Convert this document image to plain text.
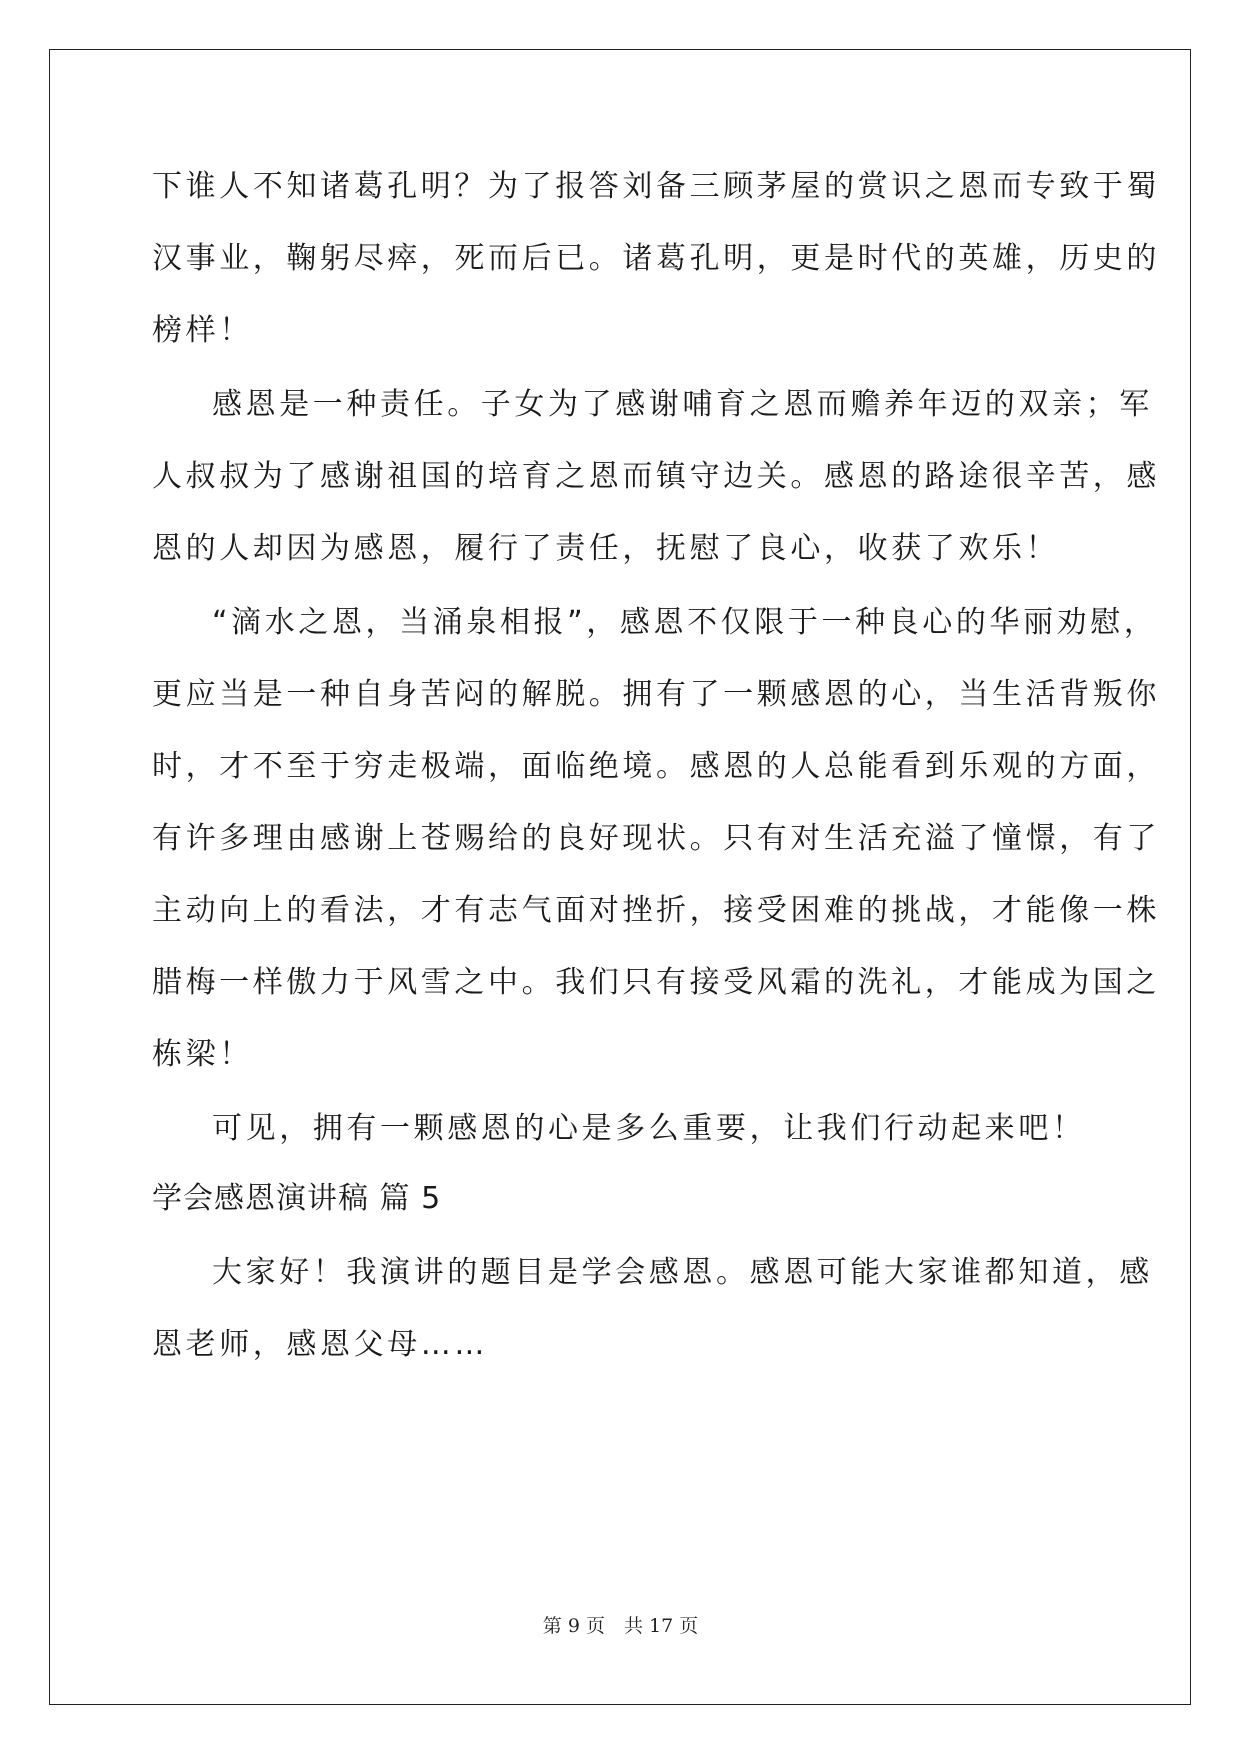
下谁人不知诸葛孔明？为了报答刘备三顾茅屋的赏识之恩而专致于蜀
汉事业，鞠躬尽瘁，死而后已。诸葛孔明，更是时代的英雄，历史的
榜样！
感恩是一种责任。子女为了感谢哺育之恩而赡养年迈的双亲；军
人叔叔为了感谢祖国的培育之恩而镇守边关。感恩的路途很辛苦，感
恩的人却因为感恩，履行了责任，抚慰了良心，收获了欢乐！
“滴水之恩，当涌泉相报”，感恩不仅限于一种良心的华丽劝慰，
更应当是一种自身苦闷的解脱。拥有了一颗感恩的心，当生活背叛你
时，才不至于穷走极端，面临绝境。感恩的人总能看到乐观的方面，
有许多理由感谢上苍赐给的良好现状。只有对生活充溢了憧憬，有了
主动向上的看法，才有志气面对挫折，接受困难的挑战，才能像一株
腊梅一样傲力于风雪之中。我们只有接受风霜的洗礼，才能成为国之
栋梁！
可见，拥有一颗感恩的心是多么重要，让我们行动起来吧！
学会感恩演讲稿 篇 5
大家好！我演讲的题目是学会感恩。感恩可能大家谁都知道，感
恩老师，感恩父母……
第 9 页　共 17 页
